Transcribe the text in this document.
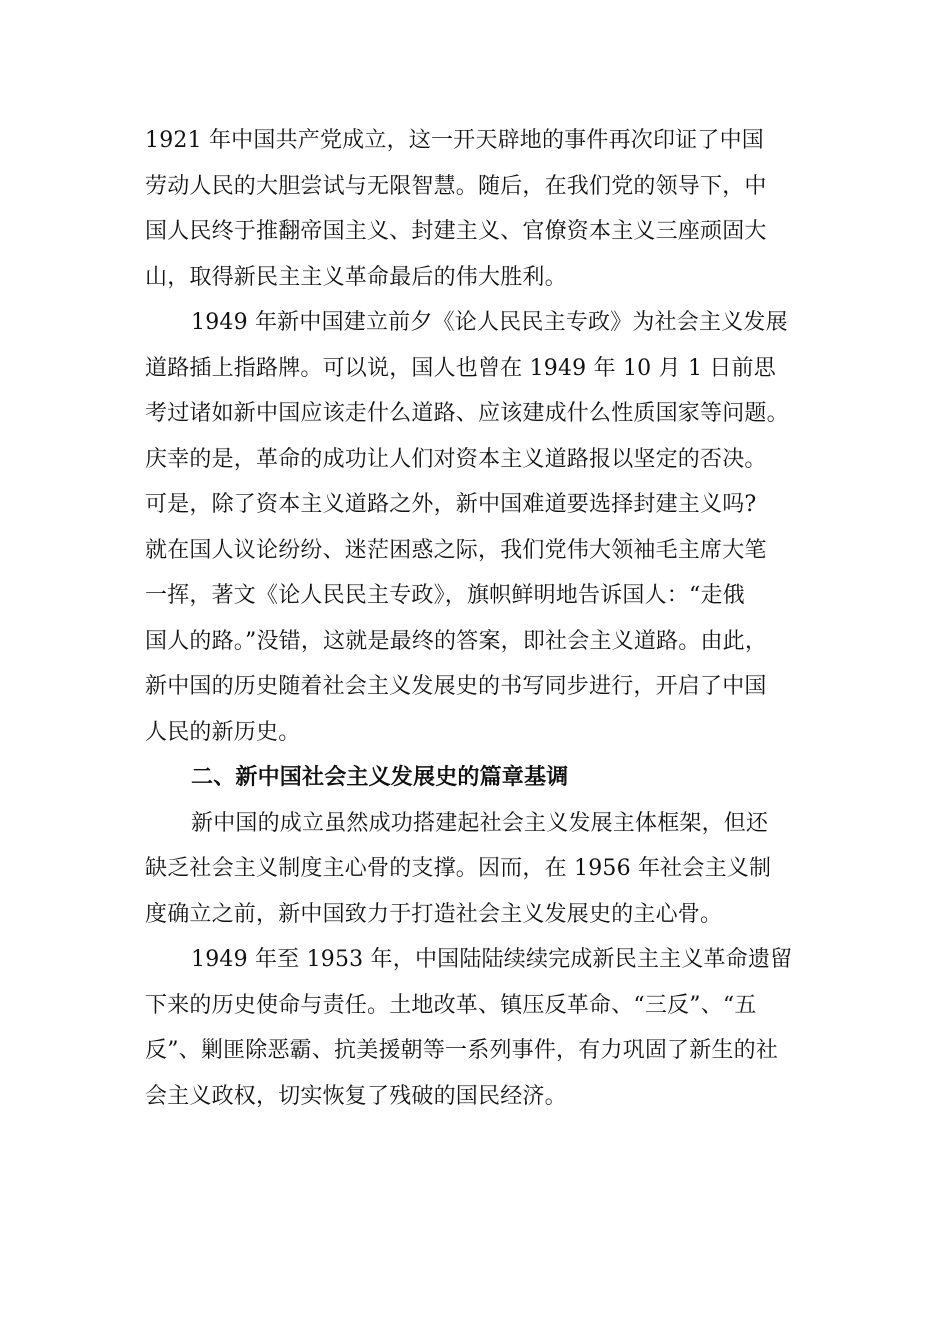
1921 年中国共产党成立，这一开天辟地的事件再次印证了中国
劳动人民的大胆尝试与无限智慧。随后，在我们党的领导下，中
国人民终于推翻帝国主义、封建主义、官僚资本主义三座顽固大
山，取得新民主主义革命最后的伟大胜利。
1949 年新中国建立前夕《论人民民主专政》为社会主义发展
道路插上指路牌。可以说，国人也曾在 1949 年 10 月 1 日前思
考过诸如新中国应该走什么道路、应该建成什么性质国家等问题。
庆幸的是，革命的成功让人们对资本主义道路报以坚定的否决。
可是，除了资本主义道路之外，新中国难道要选择封建主义吗?
就在国人议论纷纷、迷茫困惑之际，我们党伟大领袖毛主席大笔
一挥，著文《论人民民主专政》，旗帜鲜明地告诉国人：“走俄
国人的路。”没错，这就是最终的答案，即社会主义道路。由此，
新中国的历史随着社会主义发展史的书写同步进行，开启了中国
人民的新历史。
二、新中国社会主义发展史的篇章基调
新中国的成立虽然成功搭建起社会主义发展主体框架，但还
缺乏社会主义制度主心骨的支撑。因而，在 1956 年社会主义制
度确立之前，新中国致力于打造社会主义发展史的主心骨。
1949 年至 1953 年，中国陆陆续续完成新民主主义革命遗留
下来的历史使命与责任。土地改革、镇压反革命、“三反”、“五
反”、剿匪除恶霸、抗美援朝等一系列事件，有力巩固了新生的社
会主义政权，切实恢复了残破的国民经济。
